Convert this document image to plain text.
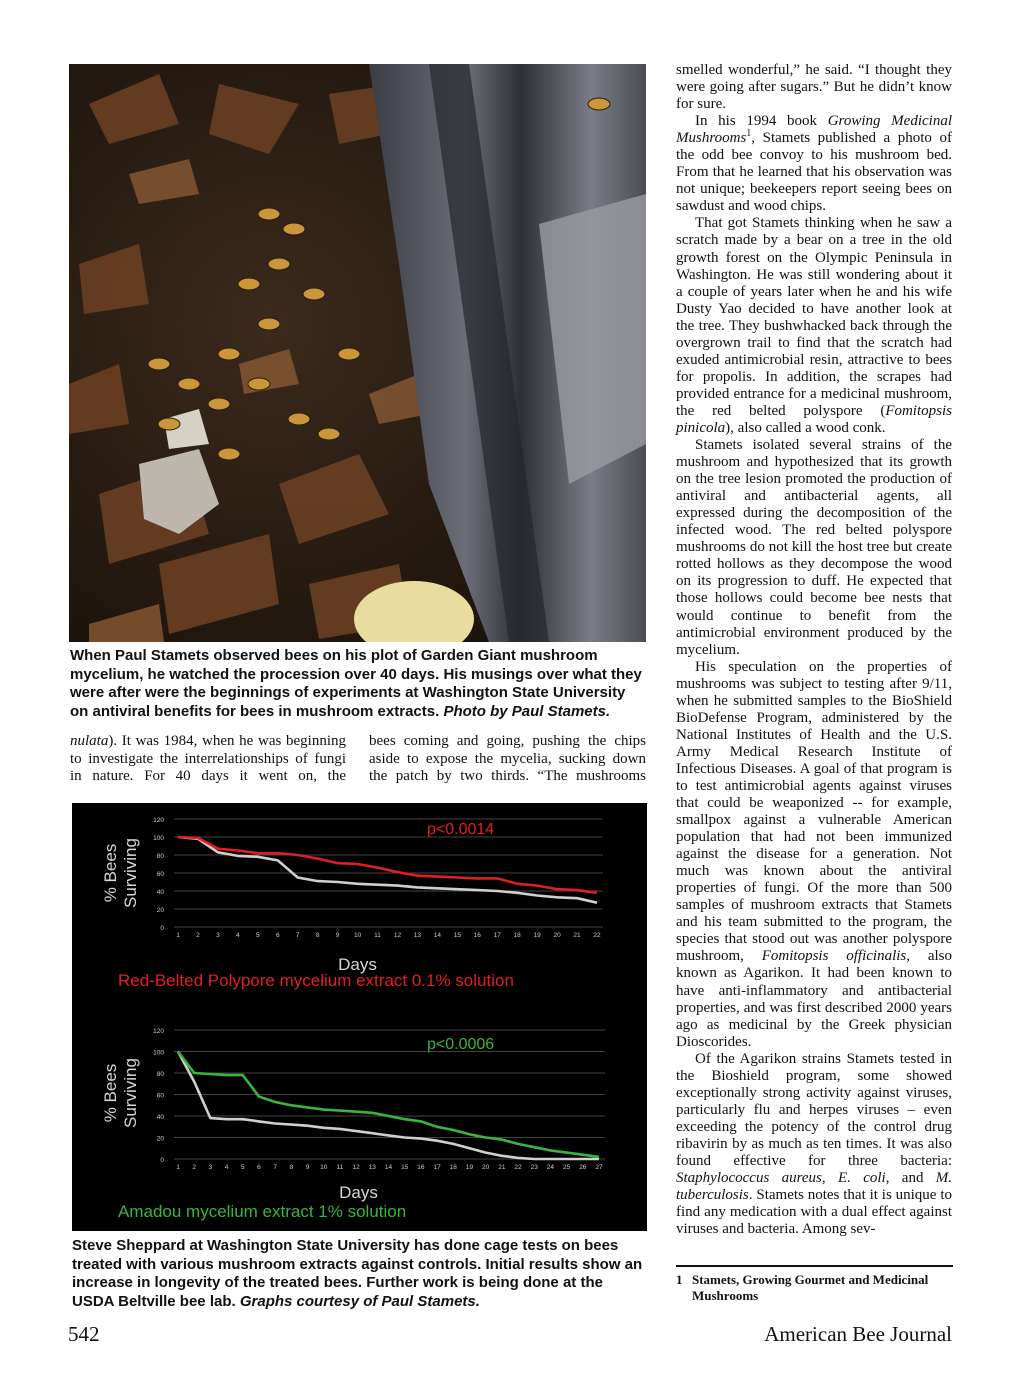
When Paul Stamets observed bees on his plot of Garden Giant mushroom mycelium, he watched the procession over 40 days. His musings over what they were after were the beginnings of experiments at Washington State University on antiviral benefits for bees in mushroom extracts. Photo by Paul Stamets.
nulata). It was 1984, when he was beginning to investigate the interrelationships of fungi in nature. For 40 days it went on, the
bees coming and going, pushing the chips aside to expose the mycelia, sucking down the patch by two thirds. “The mushrooms
0
20
40
60
80
100
120
1	2	3	4	5	6	7	8	9 10 11 12 13 14 15 16 17 18 19 20 21 22
p<0.0014
Days
% Bees Surviving
Red-Belted Polypore mycelium extract 0.1% solution
0
20
40
60
80
100
120
1 2 3 4 5 6 7 8 9 10 11 12 13 14 15 16 17 18 19 20 21 22 23 24 25 26 27
p<0.0006
Days
% Bees Surviving
Amadou mycelium extract 1% solution
Steve Sheppard at Washington State University has done cage tests on bees treated with various mushroom extracts against controls. Initial results show an increase in longevity of the treated bees. Further work is being done at the USDA Beltville bee lab. Graphs courtesy of Paul Stamets.

smelled wonderful,” he said. “I thought they were going after sugars.” But he didn’t know for sure.

In his 1994 book Growing Medicinal Mushrooms$^1$, Stamets published a photo of the odd bee convoy to his mushroom bed. From that he learned that his observation was not unique; beekeepers report seeing bees on sawdust and wood chips.

That got Stamets thinking when he saw a scratch made by a bear on a tree in the old growth forest on the Olympic Peninsula in Washington. He was still wondering about it a couple of years later when he and his wife Dusty Yao decided to have another look at the tree. They bushwhacked back through the overgrown trail to find that the scratch had exuded antimicrobial resin, attractive to bees for propolis. In addition, the scrapes had provided entrance for a medicinal mushroom, the red belted polyspore (Fomitopsis pinicola), also called a wood conk.

Stamets isolated several strains of the mushroom and hypothesized that its growth on the tree lesion promoted the production of antiviral and antibacterial agents, all expressed during the decomposition of the infected wood. The red belted polyspore mushrooms do not kill the host tree but create rotted hollows as they decompose the wood on its progression to duff. He expected that those hollows could become bee nests that would continue to benefit from the antimicrobial environment produced by the mycelium.

His speculation on the properties of mushrooms was subject to testing after 9/11, when he submitted samples to the BioShield BioDefense Program, administered by the National Institutes of Health and the U.S. Army Medical Research Institute of Infectious Diseases. A goal of that program is to test antimicrobial agents against viruses that could be weaponized -- for example, smallpox against a vulnerable American population that had not been immunized against the disease for a generation. Not much was known about the antiviral properties of fungi. Of the more than 500 samples of mushroom extracts that Stamets and his team submitted to the program, the species that stood out was another polyspore mushroom, Fomitopsis officinalis, also known as Agarikon. It had been known to have anti-inflammatory and antibacterial properties, and was first described 2000 years ago as medicinal by the Greek physician Dioscorides.

Of the Agarikon strains Stamets tested in the Bioshield program, some showed exceptionally strong activity against viruses, particularly flu and herpes viruses – even exceeding the potency of the control drug ribavirin by as much as ten times. It was also found effective for three bacteria: Staphylococcus aureus, E. coli, and M. tuberculosis. Stamets notes that it is unique to find any medication with a dual effect against viruses and bacteria. Among sev-

1 Stamets, Growing Gourmet and Medicinal Mushrooms
542	American Bee Journal
